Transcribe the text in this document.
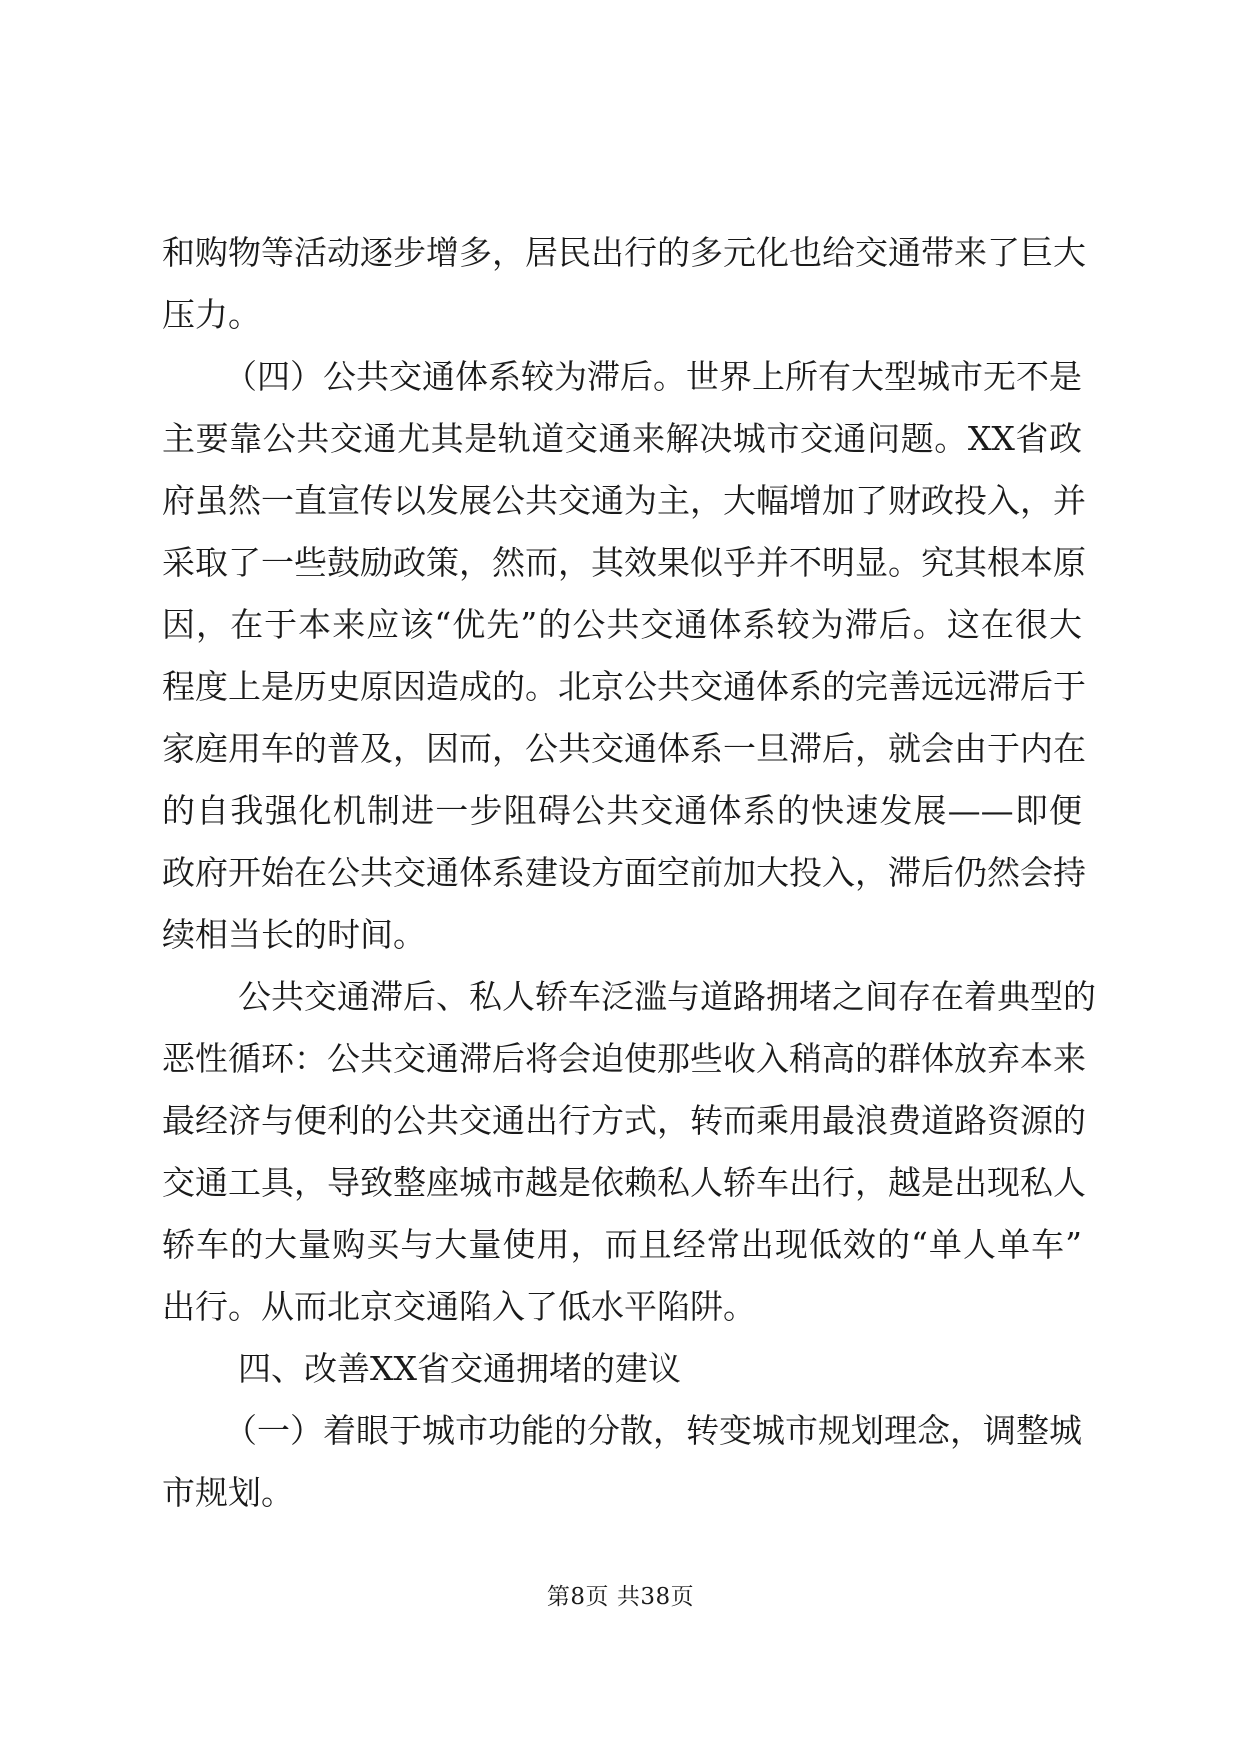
和购物等活动逐步增多，居民出行的多元化也给交通带来了巨大
压力。
（四）公共交通体系较为滞后。世界上所有大型城市无不是
主要靠公共交通尤其是轨道交通来解决城市交通问题。XX省政
府虽然一直宣传以发展公共交通为主，大幅增加了财政投入，并
采取了一些鼓励政策，然而，其效果似乎并不明显。究其根本原
因，在于本来应该“优先”的公共交通体系较为滞后。这在很大
程度上是历史原因造成的。北京公共交通体系的完善远远滞后于
家庭用车的普及，因而，公共交通体系一旦滞后，就会由于内在
的自我强化机制进一步阻碍公共交通体系的快速发展——即便
政府开始在公共交通体系建设方面空前加大投入，滞后仍然会持
续相当长的时间。
公共交通滞后、私人轿车泛滥与道路拥堵之间存在着典型的
恶性循环：公共交通滞后将会迫使那些收入稍高的群体放弃本来
最经济与便利的公共交通出行方式，转而乘用最浪费道路资源的
交通工具，导致整座城市越是依赖私人轿车出行，越是出现私人
轿车的大量购买与大量使用，而且经常出现低效的“单人单车”
出行。从而北京交通陷入了低水平陷阱。
四、改善XX省交通拥堵的建议
（一）着眼于城市功能的分散，转变城市规划理念，调整城
市规划。
第8页 共38页
